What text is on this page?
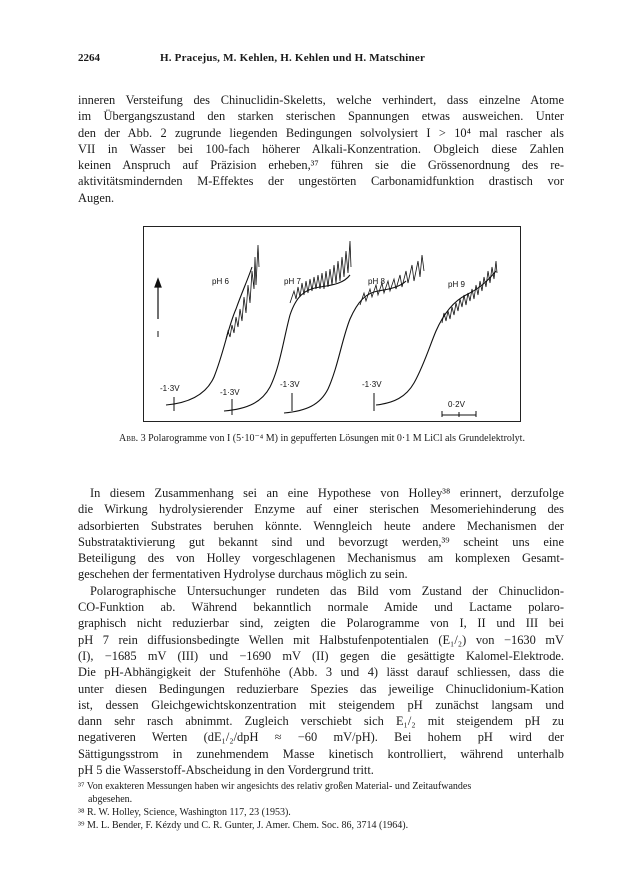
2264	H. Pracejus, M. Kehlen, H. Kehlen und H. Matschiner
inneren Versteifung des Chinuclidin-Skeletts, welche verhindert, dass einzelne Atome
im Übergangszustand den starken sterischen Spannungen etwas ausweichen. Unter
den der Abb. 2 zugrunde liegenden Bedingungen solvolysiert I > 10⁴ mal rascher als
VII in Wasser bei 100-fach höherer Alkali-Konzentration. Obgleich diese Zahlen
keinen Anspruch auf Präzision erheben,³⁷ führen sie die Grössenordnung des re-
aktivitätsmindernden M-Effektes der ungestörten Carbonamidfunktion drastisch vor
Augen.
pH 6	pH 7	pH 8	pH 9
-1·3V	-1·3V
-1·3V	-1·3V
0·2V

Abb. 3 Polarogramme von I (5·10⁻⁴ M) in gepufferten Lösungen mit 0·1 M LiCl als Grundelektrolyt.

In diesem Zusammenhang sei an eine Hypothese von Holley³⁸ erinnert, derzufolge
die Wirkung hydrolysierender Enzyme auf einer sterischen Mesomeriehinderung des
adsorbierten Substrates beruhen könnte. Wenngleich heute andere Mechanismen der
Substrataktivierung gut bekannt sind und bevorzugt werden,³⁹ scheint uns eine
Beteiligung des von Holley vorgeschlagenen Mechanismus am komplexen Gesamt-
geschehen der fermentativen Hydrolyse durchaus möglich zu sein.
Polarographische Untersuchunger rundeten das Bild vom Zustand der Chinuclidon-
CO-Funktion ab. Während bekanntlich normale Amide und Lactame polaro-
graphisch nicht reduzierbar sind, zeigten die Polarogramme von I, II und III bei
pH 7 rein diffusionsbedingte Wellen mit Halbstufenpotentialen (E₁/₂) von −1630 mV
(I), −1685 mV (III) und −1690 mV (II) gegen die gesättigte Kalomel-Elektrode.
Die pH-Abhängigkeit der Stufenhöhe (Abb. 3 und 4) lässt darauf schliessen, dass die
unter diesen Bedingungen reduzierbare Spezies das jeweilige Chinuclidonium-Kation
ist, dessen Gleichgewichtskonzentration mit steigendem pH zunächst langsam und
dann sehr rasch abnimmt. Zugleich verschiebt sich E₁/₂ mit steigendem pH zu
negativeren Werten (dE₁/₂/dpH ≈ −60 mV/pH). Bei hohem pH wird der
Sättigungsstrom in zunehmendem Masse kinetisch kontrolliert, während unterhalb
pH 5 die Wasserstoff-Abscheidung in den Vordergrund tritt.
³⁷ Von exakteren Messungen haben wir angesichts des relativ großen Material- und Zeitaufwandes
abgesehen.
³⁸ R. W. Holley, Science, Washington 117, 23 (1953).
³⁹ M. L. Bender, F. Kézdy und C. R. Gunter, J. Amer. Chem. Soc. 86, 3714 (1964).
